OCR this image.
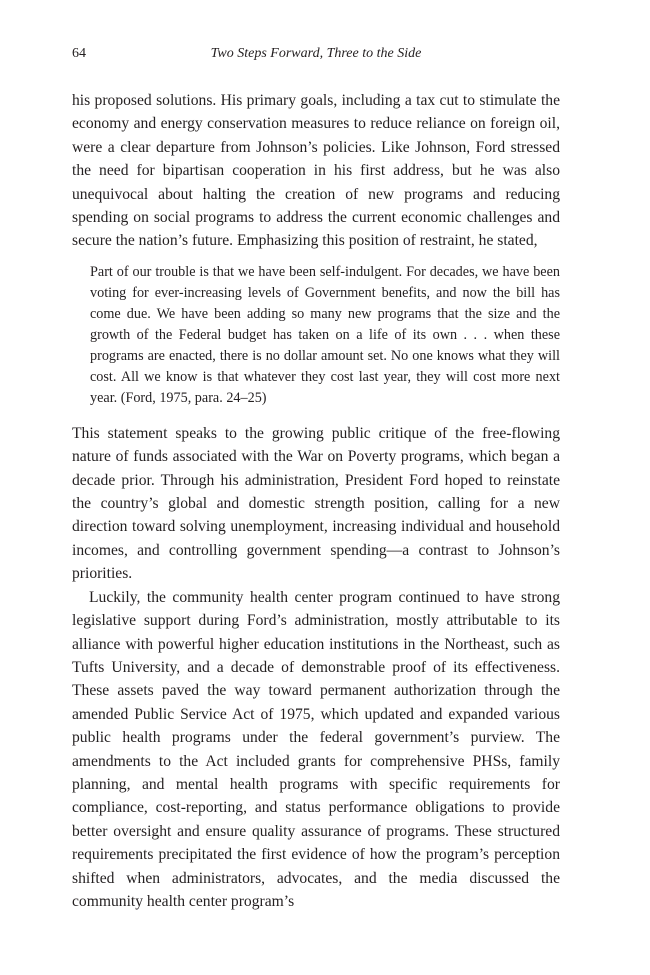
64	Two Steps Forward, Three to the Side

his proposed solutions. His primary goals, including a tax cut to stimulate the economy and energy conservation measures to reduce reliance on foreign oil, were a clear departure from Johnson’s policies. Like Johnson, Ford stressed the need for bipartisan cooperation in his first address, but he was also unequivocal about halting the creation of new programs and reducing spending on social programs to address the current economic challenges and secure the nation’s future. Emphasizing this position of restraint, he stated,

Part of our trouble is that we have been self-indulgent. For decades, we have been voting for ever-increasing levels of Government benefits, and now the bill has come due. We have been adding so many new programs that the size and the growth of the Federal budget has taken on a life of its own . . . when these programs are enacted, there is no dollar amount set. No one knows what they will cost. All we know is that whatever they cost last year, they will cost more next year. (Ford, 1975, para. 24–25)

This statement speaks to the growing public critique of the free-flowing nature of funds associated with the War on Poverty programs, which began a decade prior. Through his administration, President Ford hoped to reinstate the country’s global and domestic strength position, calling for a new direction toward solving unemployment, increasing individual and household incomes, and controlling government spending—a contrast to Johnson’s priorities.

Luckily, the community health center program continued to have strong legislative support during Ford’s administration, mostly attributable to its alliance with powerful higher education institutions in the Northeast, such as Tufts University, and a decade of demonstrable proof of its effectiveness. These assets paved the way toward permanent authorization through the amended Public Service Act of 1975, which updated and expanded various public health programs under the federal government’s purview. The amendments to the Act included grants for comprehensive PHSs, family planning, and mental health programs with specific requirements for compliance, cost-reporting, and status performance obligations to provide better oversight and ensure quality assurance of programs. These structured requirements precipitated the first evidence of how the program’s perception shifted when administrators, advocates, and the media discussed the community health center program’s
